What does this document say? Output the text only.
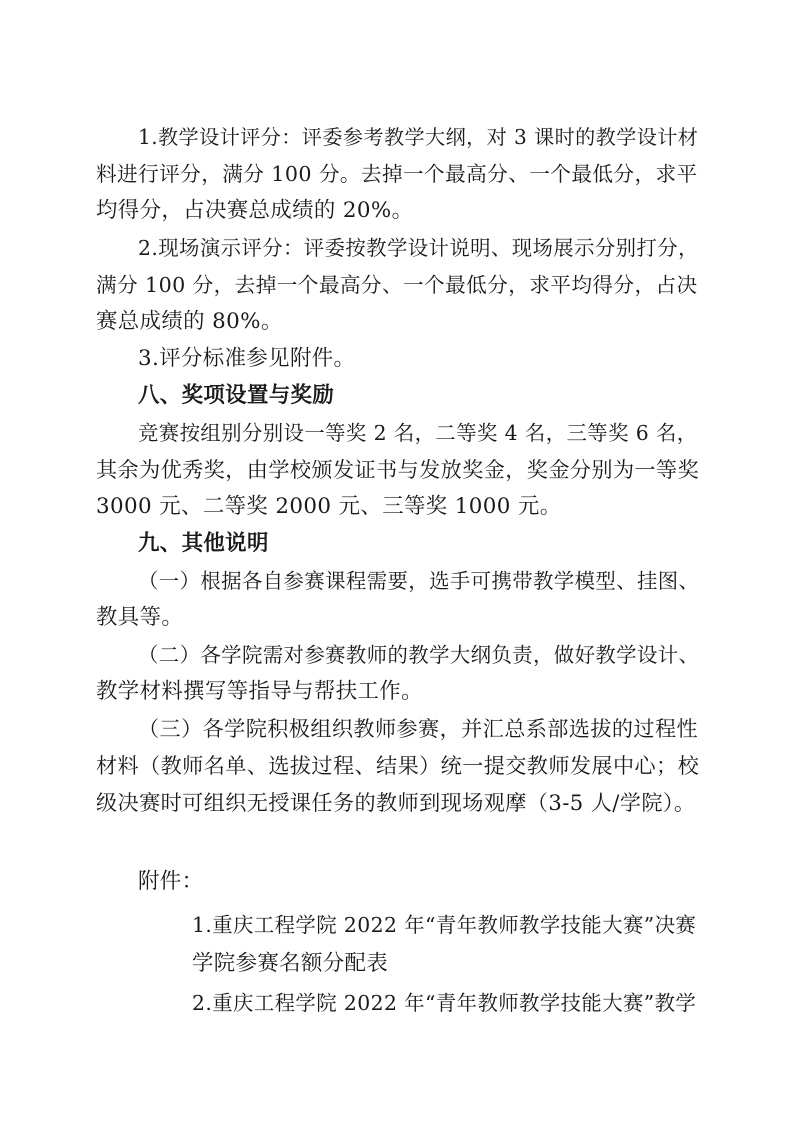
1.教学设计评分：评委参考教学大纲，对 3 课时的教学设计材
料进行评分，满分 100 分。去掉一个最高分、一个最低分，求平
均得分，占决赛总成绩的 20%。
2.现场演示评分：评委按教学设计说明、现场展示分别打分，
满分 100 分，去掉一个最高分、一个最低分，求平均得分，占决
赛总成绩的 80%。
3.评分标准参见附件。
八、奖项设置与奖励
竞赛按组别分别设一等奖 2 名，二等奖 4 名，三等奖 6 名，
其余为优秀奖，由学校颁发证书与发放奖金，奖金分别为一等奖
3000 元、二等奖 2000 元、三等奖 1000 元。
九、其他说明
（一）根据各自参赛课程需要，选手可携带教学模型、挂图、
教具等。
（二）各学院需对参赛教师的教学大纲负责，做好教学设计、
教学材料撰写等指导与帮扶工作。
（三）各学院积极组织教师参赛，并汇总系部选拔的过程性
材料（教师名单、选拔过程、结果）统一提交教师发展中心；校
级决赛时可组织无授课任务的教师到现场观摩（3-5 人/学院）。
附件：
1.重庆工程学院 2022 年“青年教师教学技能大赛”决赛
学院参赛名额分配表
2.重庆工程学院 2022 年“青年教师教学技能大赛”教学
